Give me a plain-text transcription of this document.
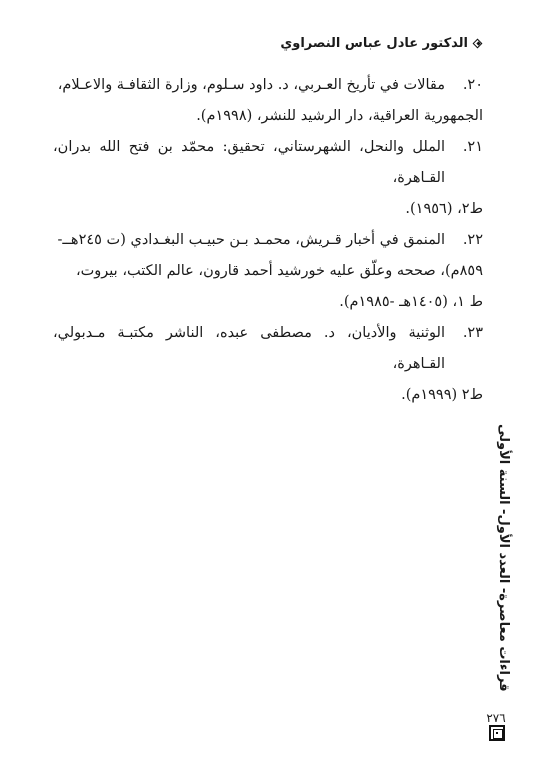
الدكتور عادل عباس النصراوي
٢٠.
مقالات في تأريخ العـربي، د. داود سـلوم، وزارة الثقافـة والاعـلام،
الجمهورية العراقية، دار الرشيد للنشر، (١٩٩٨م).
٢١.
الملل والنحل، الشهرستاني، تحقيق: محمّد بن فتح الله بدران، القـاهرة،
ط٢، (١٩٥٦).
٢٢.
المنمق في أخبار قـريش، محمـد بـن حبيـب البغـدادي (ت ٢٤٥هــ-
٨٥٩م)، صححه وعلّق عليه خورشيد أحمد قارون، عالم الكتب، بيروت،
ط ١، (١٤٠٥هـ -١٩٨٥م).
٢٣.
الوثنية والأديان، د. مصطفى عبده، الناشر مكتبـة مـدبولي، القـاهرة،
ط٢ (١٩٩٩م).
قراءات معاصرة- العدد الأول- السنة الأولى
٢٧٦
